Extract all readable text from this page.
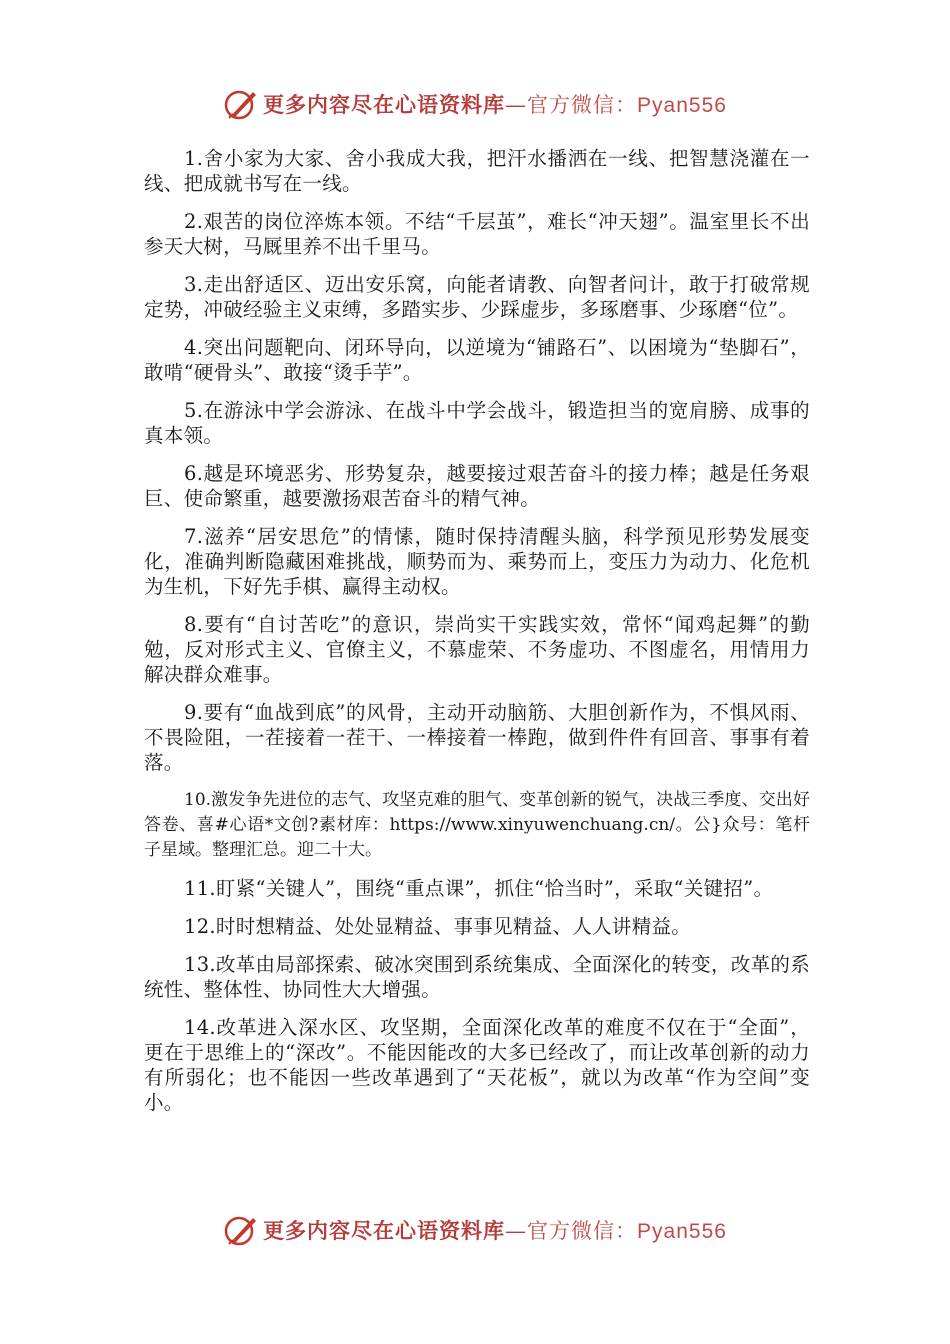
更多内容尽在心语资料库—官方微信：Pyan556

1.舍小家为大家、舍小我成大我，把汗水播洒在一线、把智慧浇灌在一线、把成就书写在一线。

2.艰苦的岗位淬炼本领。不结“千层茧”，难长“冲天翅”。温室里长不出参天大树，马厩里养不出千里马。

3.走出舒适区、迈出安乐窝，向能者请教、向智者问计，敢于打破常规定势，冲破经验主义束缚，多踏实步、少踩虚步，多琢磨事、少琢磨“位”。

4.突出问题靶向、闭环导向，以逆境为“铺路石”、以困境为“垫脚石”，敢啃“硬骨头”、敢接“烫手芋”。

5.在游泳中学会游泳、在战斗中学会战斗，锻造担当的宽肩膀、成事的真本领。

6.越是环境恶劣、形势复杂，越要接过艰苦奋斗的接力棒；越是任务艰巨、使命繁重，越要激扬艰苦奋斗的精气神。

7.滋养“居安思危”的情愫，随时保持清醒头脑，科学预见形势发展变化，准确判断隐藏困难挑战，顺势而为、乘势而上，变压力为动力、化危机为生机，下好先手棋、赢得主动权。

8.要有“自讨苦吃”的意识，崇尚实干实践实效，常怀“闻鸡起舞”的勤勉，反对形式主义、官僚主义，不慕虚荣、不务虚功、不图虚名，用情用力解决群众难事。

9.要有“血战到底”的风骨，主动开动脑筋、大胆创新作为，不惧风雨、不畏险阻，一茬接着一茬干、一棒接着一棒跑，做到件件有回音、事事有着落。

10.激发争先进位的志气、攻坚克难的胆气、变革创新的锐气，决战三季度、交出好答卷、喜#心语*文创?素材库：https://www.xinyuwenchuang.cn/。公}众号：笔杆子星域。整理汇总。迎二十大。

11.盯紧“关键人”，围绕“重点课”，抓住“恰当时”，采取“关键招”。

12.时时想精益、处处显精益、事事见精益、人人讲精益。

13.改革由局部探索、破冰突围到系统集成、全面深化的转变，改革的系统性、整体性、协同性大大增强。

14.改革进入深水区、攻坚期，全面深化改革的难度不仅在于“全面”，更在于思维上的“深改”。不能因能改的大多已经改了，而让改革创新的动力有所弱化；也不能因一些改革遇到了“天花板”，就以为改革“作为空间”变小。

更多内容尽在心语资料库—官方微信：Pyan556
